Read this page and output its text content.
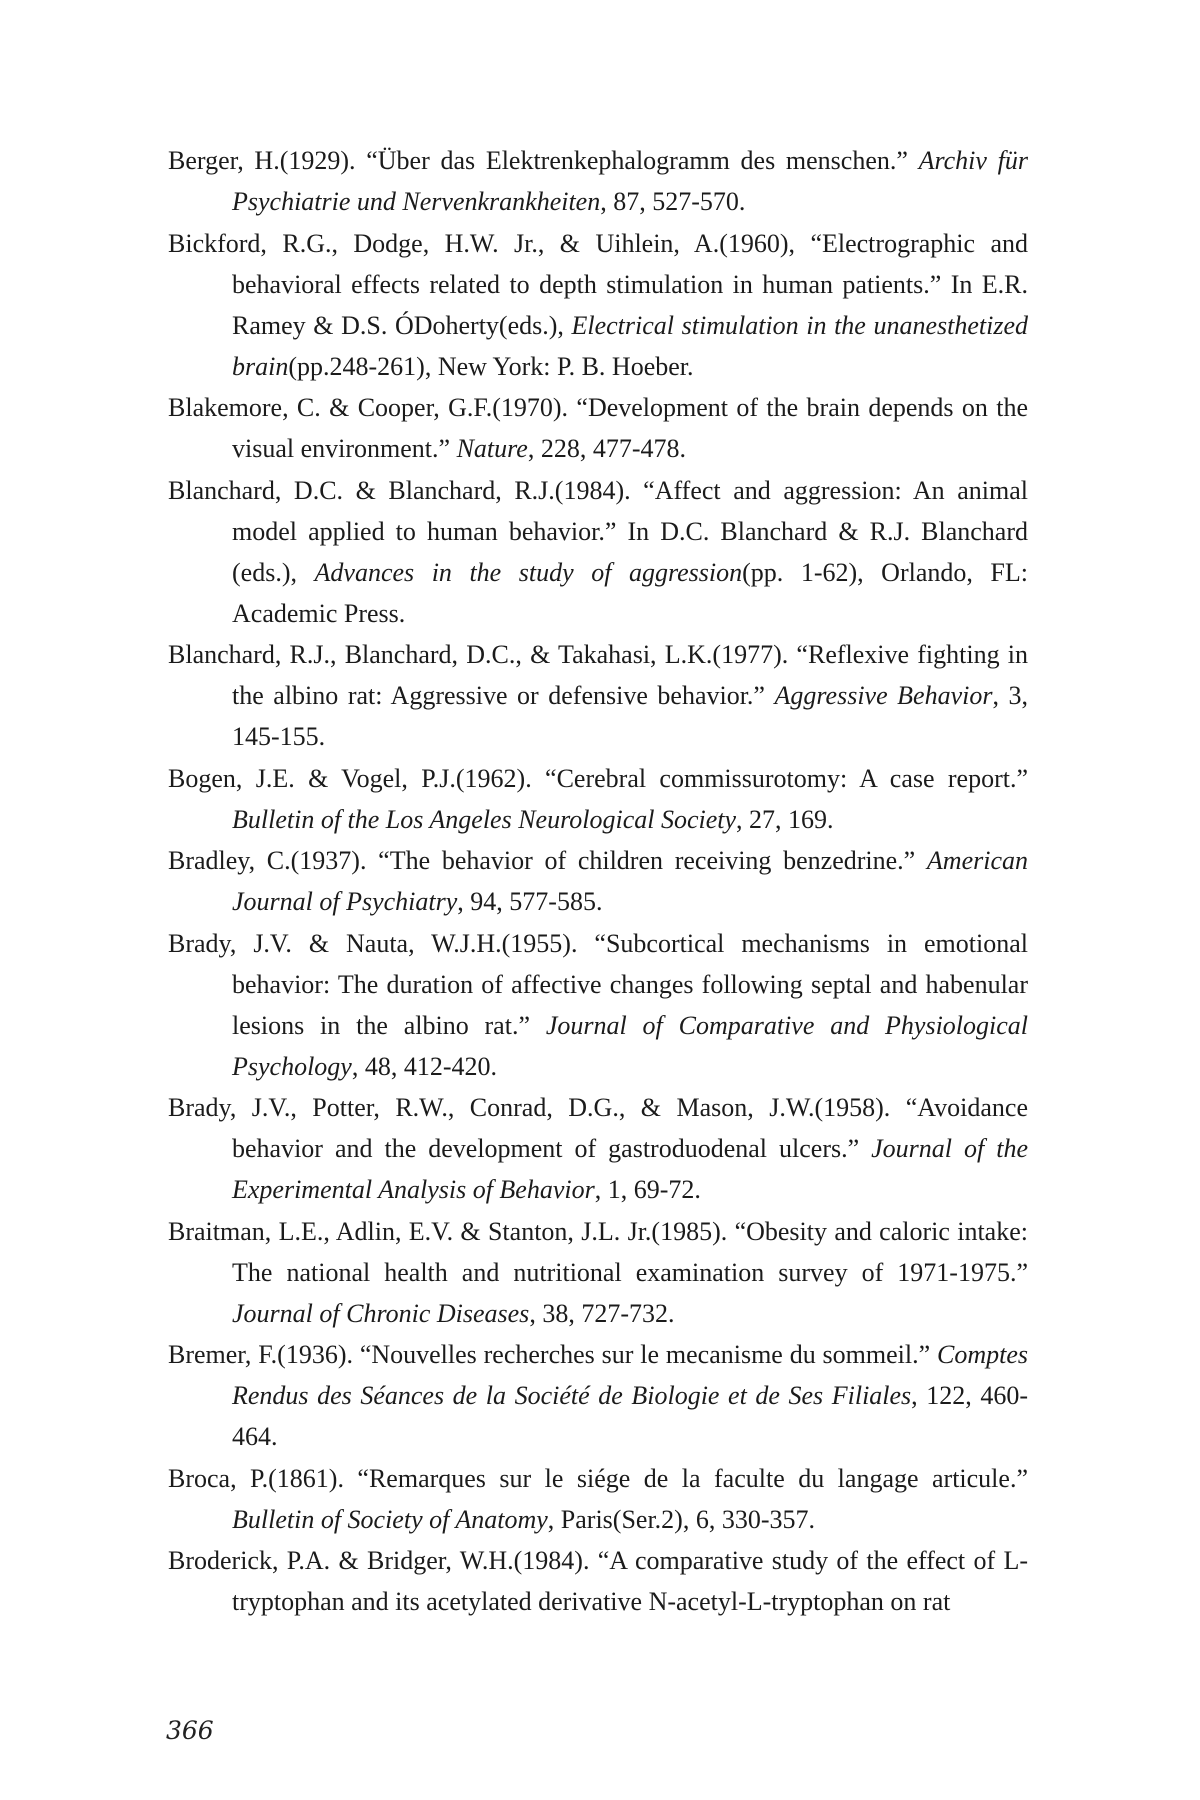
Berger, H.(1929). “Über das Elektrenkephalogramm des menschen.” Archiv für Psychiatrie und Nervenkrankheiten, 87, 527-570.

Bickford, R.G., Dodge, H.W. Jr., & Uihlein, A.(1960), “Electrographic and behavioral effects related to depth stimulation in human patients.” In E.R. Ramey & D.S. ÓDoherty(eds.), Electrical stimulation in the unanesthetized brain(pp.248-261), New York: P. B. Hoeber.

Blakemore, C. & Cooper, G.F.(1970). “Development of the brain depends on the visual environment.” Nature, 228, 477-478.

Blanchard, D.C. & Blanchard, R.J.(1984). “Affect and aggression: An animal model applied to human behavior.” In D.C. Blanchard & R.J. Blanchard (eds.), Advances in the study of aggression(pp. 1-62), Orlando, FL: Academic Press.

Blanchard, R.J., Blanchard, D.C., & Takahasi, L.K.(1977). “Reflexive fighting in the albino rat: Aggressive or defensive behavior.” Aggressive Behavior, 3, 145-155.

Bogen, J.E. & Vogel, P.J.(1962). “Cerebral commissurotomy: A case report.” Bulletin of the Los Angeles Neurological Society, 27, 169.

Bradley, C.(1937). “The behavior of children receiving benzedrine.” American Journal of Psychiatry, 94, 577-585.

Brady, J.V. & Nauta, W.J.H.(1955). “Subcortical mechanisms in emotional behavior: The duration of affective changes following septal and habenular lesions in the albino rat.” Journal of Comparative and Physiological Psychology, 48, 412-420.

Brady, J.V., Potter, R.W., Conrad, D.G., & Mason, J.W.(1958). “Avoidance behavior and the development of gastroduodenal ulcers.” Journal of the Experimental Analysis of Behavior, 1, 69-72.

Braitman, L.E., Adlin, E.V. & Stanton, J.L. Jr.(1985). “Obesity and caloric intake: The national health and nutritional examination survey of 1971-1975.” Journal of Chronic Diseases, 38, 727-732.

Bremer, F.(1936). “Nouvelles recherches sur le mecanisme du sommeil.” Comptes Rendus des Séances de la Société de Biologie et de Ses Filiales, 122, 460-464.

Broca, P.(1861). “Remarques sur le siége de la faculte du langage articule.” Bulletin of Society of Anatomy, Paris(Ser.2), 6, 330-357.

Broderick, P.A. & Bridger, W.H.(1984). “A comparative study of the effect of L-tryptophan and its acetylated derivative N-acetyl-L-tryptophan on rat

366
